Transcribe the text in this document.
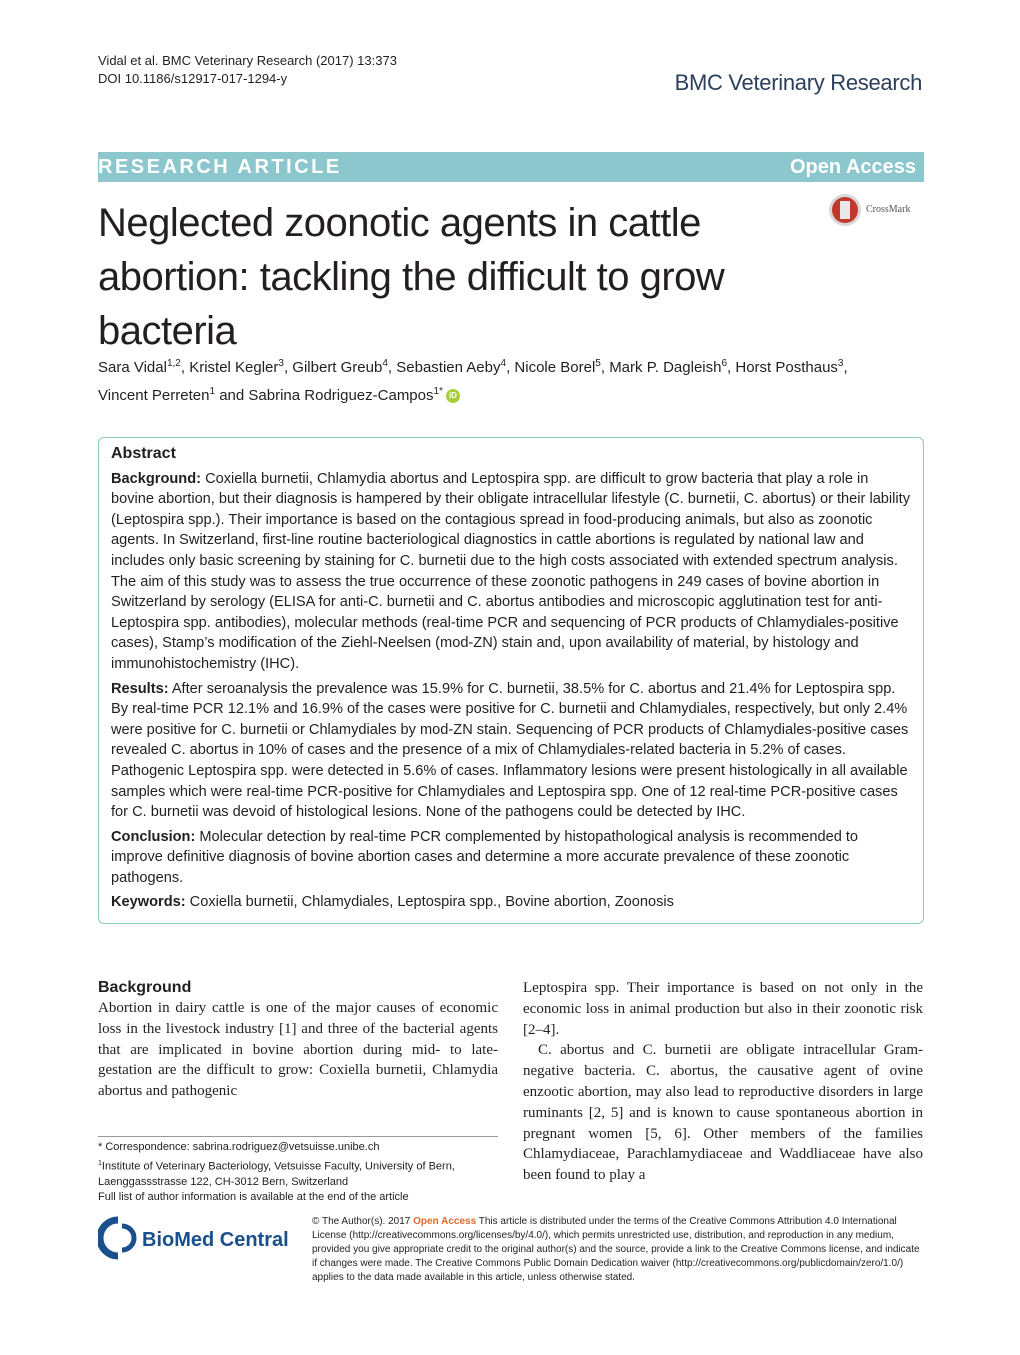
Vidal et al. BMC Veterinary Research (2017) 13:373
DOI 10.1186/s12917-017-1294-y	BMC Veterinary Research
RESEARCH ARTICLE	Open Access
Neglected zoonotic agents in cattle abortion: tackling the difficult to grow bacteria
CrossMark
Sara Vidal$^{1,2}$, Kristel Kegler$^3$, Gilbert Greub$^4$, Sebastien Aeby$^4$, Nicole Borel$^5$, Mark P. Dagleish$^6$, Horst Posthaus$^3$,
Vincent Perreten$^1$ and Sabrina Rodriguez-Campos$^{1*}$ iD
Abstract

Background: Coxiella burnetii, Chlamydia abortus and Leptospira spp. are difficult to grow bacteria that play a role in bovine abortion, but their diagnosis is hampered by their obligate intracellular lifestyle (C. burnetii, C. abortus) or their lability (Leptospira spp.). Their importance is based on the contagious spread in food-producing animals, but also as zoonotic agents. In Switzerland, first-line routine bacteriological diagnostics in cattle abortions is regulated by national law and includes only basic screening by staining for C. burnetii due to the high costs associated with extended spectrum analysis. The aim of this study was to assess the true occurrence of these zoonotic pathogens in 249 cases of bovine abortion in Switzerland by serology (ELISA for anti-C. burnetii and C. abortus antibodies and microscopic agglutination test for anti-Leptospira spp. antibodies), molecular methods (real-time PCR and sequencing of PCR products of Chlamydiales-positive cases), Stamp’s modification of the Ziehl-Neelsen (mod-ZN) stain and, upon availability of material, by histology and immunohistochemistry (IHC).

Results: After seroanalysis the prevalence was 15.9% for C. burnetii, 38.5% for C. abortus and 21.4% for Leptospira spp. By real-time PCR 12.1% and 16.9% of the cases were positive for C. burnetii and Chlamydiales, respectively, but only 2.4% were positive for C. burnetii or Chlamydiales by mod-ZN stain. Sequencing of PCR products of Chlamydiales-positive cases revealed C. abortus in 10% of cases and the presence of a mix of Chlamydiales-related bacteria in 5.2% of cases. Pathogenic Leptospira spp. were detected in 5.6% of cases. Inflammatory lesions were present histologically in all available samples which were real-time PCR-positive for Chlamydiales and Leptospira spp. One of 12 real-time PCR-positive cases for C. burnetii was devoid of histological lesions. None of the pathogens could be detected by IHC.

Conclusion: Molecular detection by real-time PCR complemented by histopathological analysis is recommended to improve definitive diagnosis of bovine abortion cases and determine a more accurate prevalence of these zoonotic pathogens.

Keywords: Coxiella burnetii, Chlamydiales, Leptospira spp., Bovine abortion, Zoonosis

Background

Abortion in dairy cattle is one of the major causes of economic loss in the livestock industry [1] and three of the bacterial agents that are implicated in bovine abortion during mid- to late-gestation are the difficult to grow: Coxiella burnetii, Chlamydia abortus and pathogenic

Leptospira spp. Their importance is based on not only in the economic loss in animal production but also in their zoonotic risk [2–4].

C. abortus and C. burnetii are obligate intracellular Gram-negative bacteria. C. abortus, the causative agent of ovine enzootic abortion, may also lead to reproductive disorders in large ruminants [2, 5] and is known to cause spontaneous abortion in pregnant women [5, 6]. Other members of the families Chlamydiaceae, Parachlamydiaceae and Waddliaceae have also been found to play a

* Correspondence: sabrina.rodriguez@vetsuisse.unibe.ch
$^1$Institute of Veterinary Bacteriology, Vetsuisse Faculty, University of Bern, Laenggassstrasse 122, CH-3012 Bern, Switzerland
Full list of author information is available at the end of the article
BioMed Central
© The Author(s). 2017 Open Access This article is distributed under the terms of the Creative Commons Attribution 4.0 International License (http://creativecommons.org/licenses/by/4.0/), which permits unrestricted use, distribution, and reproduction in any medium, provided you give appropriate credit to the original author(s) and the source, provide a link to the Creative Commons license, and indicate if changes were made. The Creative Commons Public Domain Dedication waiver (http://creativecommons.org/publicdomain/zero/1.0/) applies to the data made available in this article, unless otherwise stated.
